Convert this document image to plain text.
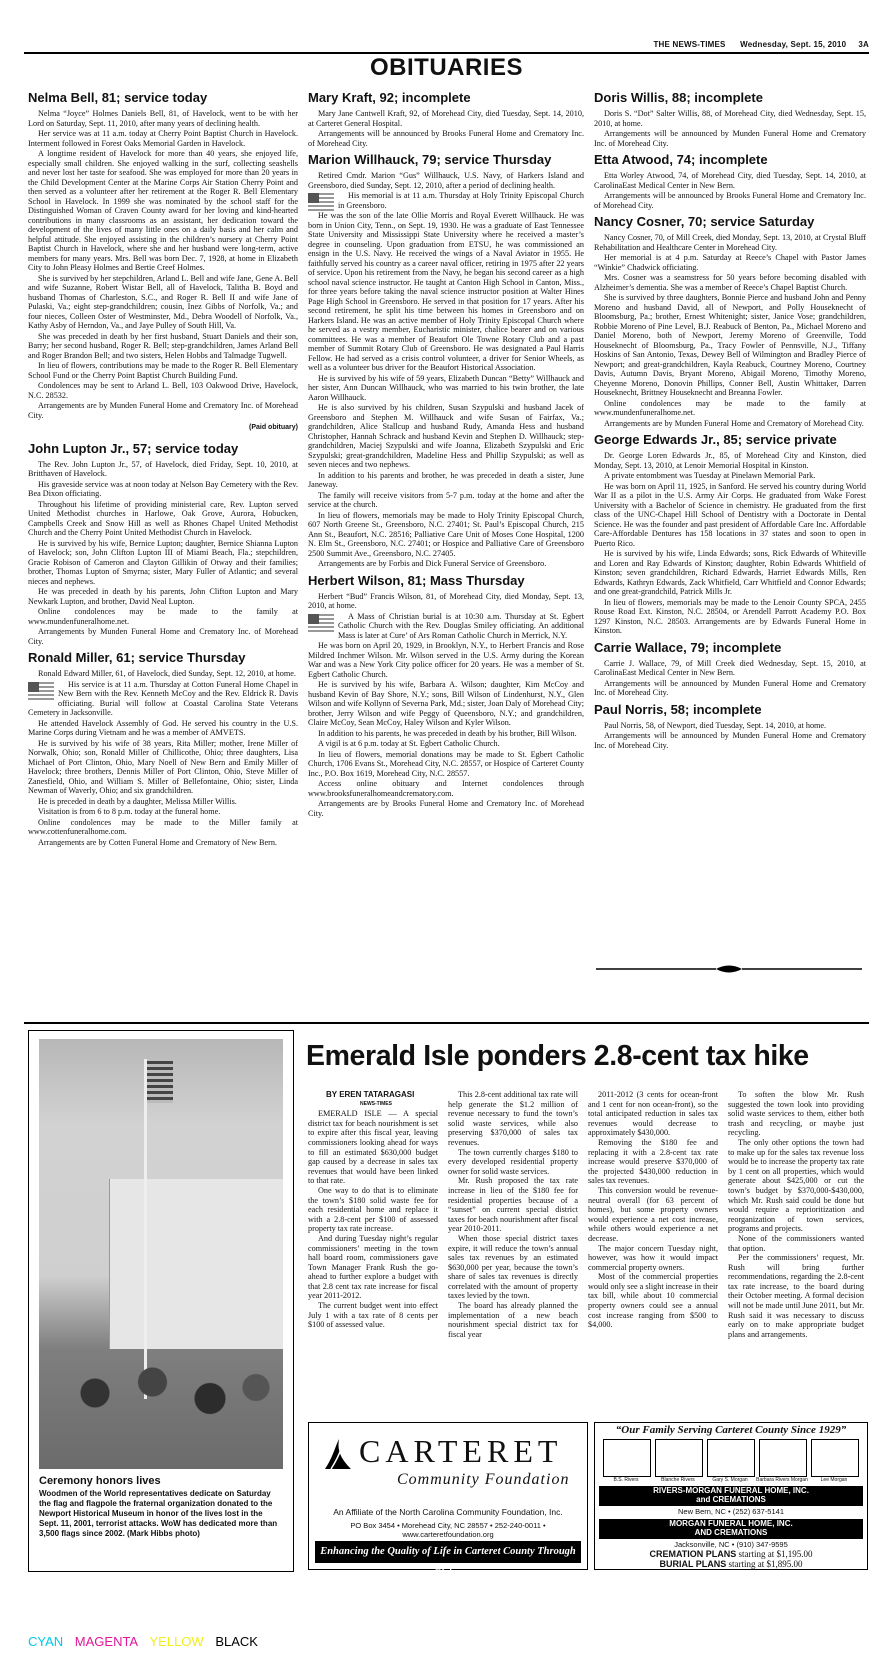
THE NEWS-TIMES Wednesday, Sept. 15, 2010 3A
OBITUARIES
Nelma Bell, 81; service today

Nelma “Joyce” Holmes Daniels Bell, 81, of Havelock, went to be with her Lord on Saturday, Sept. 11, 2010, after many years of declining health.

Her service was at 11 a.m. today at Cherry Point Baptist Church in Havelock. Interment followed in Forest Oaks Memorial Garden in Havelock.

A longtime resident of Havelock for more than 40 years, she enjoyed life, especially small children. She enjoyed walking in the surf, collecting seashells and never lost her taste for seafood. She was employed for more than 20 years in the Child Development Center at the Marine Corps Air Station Cherry Point and then served as a volunteer after her retirement at the Roger R. Bell Elementary School in Havelock. In 1999 she was nominated by the school staff for the Distinguished Woman of Craven County award for her loving and kind-hearted contributions in many classrooms as an assistant, her dedication toward the development of the lives of many little ones on a daily basis and her calm and helpful attitude. She enjoyed assisting in the children’s nursery at Cherry Point Baptist Church in Havelock, where she and her husband were long-term, active members for many years. Mrs. Bell was born Dec. 7, 1928, at home in Elizabeth City to John Pleasy Holmes and Bertie Creef Holmes.

She is survived by her stepchildren, Arland L. Bell and wife Jane, Gene A. Bell and wife Suzanne, Robert Wistar Bell, all of Havelock, Talitha B. Boyd and husband Thomas of Charleston, S.C., and Roger R. Bell II and wife Jane of Pulaski, Va.; eight step-grandchildren; cousin, Inez Gibbs of Norfolk, Va.; and four nieces, Colleen Oster of Westminster, Md., Debra Woodell of Norfolk, Va., Kathy Asby of Herndon, Va., and Jaye Pulley of South Hill, Va.

She was preceded in death by her first husband, Stuart Daniels and their son, Barry; her second husband, Roger R. Bell; step-grandchildren, James Arland Bell and Roger Brandon Bell; and two sisters, Helen Hobbs and Talmadge Tugwell.

In lieu of flowers, contributions may be made to the Roger R. Bell Elementary School Fund or the Cherry Point Baptist Church Building Fund.

Condolences may be sent to Arland L. Bell, 103 Oakwood Drive, Havelock, N.C. 28532.

Arrangements are by Munden Funeral Home and Crematory Inc. of Morehead City.

(Paid obituary)
John Lupton Jr., 57; service today

The Rev. John Lupton Jr., 57, of Havelock, died Friday, Sept. 10, 2010, at Britthaven of Havelock.

His graveside service was at noon today at Nelson Bay Cemetery with the Rev. Bea Dixon officiating.

Throughout his lifetime of providing ministerial care, Rev. Lupton served United Methodist churches in Harlowe, Oak Grove, Aurora, Hobucken, Campbells Creek and Snow Hill as well as Rhones Chapel United Methodist Church and the Cherry Point United Methodist Church in Havelock.

He is survived by his wife, Bernice Lupton; daughter, Bernice Shianna Lupton of Havelock; son, John Clifton Lupton III of Miami Beach, Fla.; stepchildren, Gracie Robison of Cameron and Clayton Gillikin of Otway and their families; brother, Thomas Lupton of Smyrna; sister, Mary Fuller of Atlantic; and several nieces and nephews.

He was preceded in death by his parents, John Clifton Lupton and Mary Newkark Lupton, and brother, David Neal Lupton.

Online condolences may be made to the family at www.mundenfuneralhome.net.

Arrangements by Munden Funeral Home and Crematory Inc. of Morehead City.

Ronald Miller, 61; service Thursday

Ronald Edward Miller, 61, of Havelock, died Sunday, Sept. 12, 2010, at home.

His service is at 11 a.m. Thursday at Cotton Funeral Home Chapel in New Bern with the Rev. Kenneth McCoy and the Rev. Eldrick R. Davis officiating. Burial will follow at Coastal Carolina State Veterans Cemetery in Jacksonville.

He attended Havelock Assembly of God. He served his country in the U.S. Marine Corps during Vietnam and he was a member of AMVETS.

He is survived by his wife of 38 years, Rita Miller; mother, Irene Miller of Norwalk, Ohio; son, Ronald Miller of Chillicothe, Ohio; three daughters, Lisa Michael of Port Clinton, Ohio, Mary Noell of New Bern and Emily Miller of Havelock; three brothers, Dennis Miller of Port Clinton, Ohio, Steve Miller of Zanesfield, Ohio, and William S. Miller of Bellefontaine, Ohio; sister, Linda Newman of Waverly, Ohio; and six grandchildren.

He is preceded in death by a daughter, Melissa Miller Willis.

Visitation is from 6 to 8 p.m. today at the funeral home.

Online condolences may be made to the Miller family at www.cottenfuneralhome.com.

Arrangements are by Cotten Funeral Home and Crematory of New Bern.

Mary Kraft, 92; incomplete

Mary Jane Cantwell Kraft, 92, of Morehead City, died Tuesday, Sept. 14, 2010, at Carteret General Hospital.

Arrangements will be announced by Brooks Funeral Home and Crematory Inc. of Morehead City.

Marion Willhauck, 79; service Thursday

Retired Cmdr. Marion “Gus” Willhauck, U.S. Navy, of Harkers Island and Greensboro, died Sunday, Sept. 12, 2010, after a period of declining health.

His memorial is at 11 a.m. Thursday at Holy Trinity Episcopal Church in Greensboro.

He was the son of the late Ollie Morris and Royal Everett Willhauck. He was born in Union City, Tenn., on Sept. 19, 1930. He was a graduate of East Tennessee State University and Mississippi State University where he received a master’s degree in counseling. Upon graduation from ETSU, he was commissioned an ensign in the U.S. Navy. He received the wings of a Naval Aviator in 1955. He faithfully served his country as a career naval officer, retiring in 1975 after 22 years of service. Upon his retirement from the Navy, he began his second career as a high school naval science instructor. He taught at Canton High School in Canton, Miss., for three years before taking the naval science instructor position at Walter Hines Page High School in Greensboro. He served in that position for 17 years. After his second retirement, he split his time between his homes in Greensboro and on Harkers Island. He was an active member of Holy Trinity Episcopal Church where he served as a vestry member, Eucharistic minister, chalice bearer and on various committees. He was a member of Beaufort Ole Towne Rotary Club and a past member of Summit Rotary Club of Greensboro. He was designated a Paul Harris Fellow. He had served as a crisis control volunteer, a driver for Senior Wheels, as well as a volunteer bus driver for the Beaufort Historical Association.

He is survived by his wife of 59 years, Elizabeth Duncan “Betty” Willhauck and her sister, Ann Duncan Willhauck, who was married to his twin brother, the late Aaron Willhauck.

He is also survived by his children, Susan Szypulski and husband Jacek of Greensboro and Stephen M. Willhauck and wife Susan of Fairfax, Va.; grandchildren, Alice Stallcup and husband Rudy, Amanda Hess and husband Christopher, Hannah Schrack and husband Kevin and Stephen D. Willhauck; step-grandchildren, Maciej Szypulski and wife Joanna, Elizabeth Szypulski and Eric Szypulski; great-grandchildren, Madeline Hess and Phillip Szypulski; as well as seven nieces and two nephews.

In addition to his parents and brother, he was preceded in death a sister, June Janeway.

The family will receive visitors from 5-7 p.m. today at the home and after the service at the church.

In lieu of flowers, memorials may be made to Holy Trinity Episcopal Church, 607 North Greene St., Greensboro, N.C. 27401; St. Paul’s Episcopal Church, 215 Ann St., Beaufort, N.C. 28516; Palliative Care Unit of Moses Cone Hospital, 1200 N. Elm St., Greensboro, N.C. 27401; or Hospice and Palliative Care of Greensboro 2500 Summit Ave., Greensboro, N.C. 27405.

Arrangements are by Forbis and Dick Funeral Service of Greensboro.

Herbert Wilson, 81; Mass Thursday

Herbert “Bud” Francis Wilson, 81, of Morehead City, died Monday, Sept. 13, 2010, at home.

A Mass of Christian burial is at 10:30 a.m. Thursday at St. Egbert Catholic Church with the Rev. Douglas Smiley officiating. An additional Mass is later at Cure’ of Ars Roman Catholic Church in Merrick, N.Y.

He was born on April 20, 1929, in Brooklyn, N.Y., to Herbert Francis and Rose Mildred Inchmer Wilson. Mr. Wilson served in the U.S. Army during the Korean War and was a New York City police officer for 20 years. He was a member of St. Egbert Catholic Church.

He is survived by his wife, Barbara A. Wilson; daughter, Kim McCoy and husband Kevin of Bay Shore, N.Y.; sons, Bill Wilson of Lindenhurst, N.Y., Glen Wilson and wife Kollynn of Severna Park, Md.; sister, Joan Daly of Morehead City; brother, Jerry Wilson and wife Peggy of Queensboro, N.Y.; and grandchildren, Claire McCoy, Sean McCoy, Haley Wilson and Kyler Wilson.

In addition to his parents, he was preceded in death by his brother, Bill Wilson.

A vigil is at 6 p.m. today at St. Egbert Catholic Church.

In lieu of flowers, memorial donations may be made to St. Egbert Catholic Church, 1706 Evans St., Morehead City, N.C. 28557, or Hospice of Carteret County Inc., P.O. Box 1619, Morehead City, N.C. 28557.

Access online obituary and Internet condolences through www.brooksfuneralhomeandcrematory.com.

Arrangements are by Brooks Funeral Home and Crematory Inc. of Morehead City.

Doris Willis, 88; incomplete

Doris S. “Dot” Salter Willis, 88, of Morehead City, died Wednesday, Sept. 15, 2010, at home.

Arrangements will be announced by Munden Funeral Home and Crematory Inc. of Morehead City.

Etta Atwood, 74; incomplete

Etta Worley Atwood, 74, of Morehead City, died Tuesday, Sept. 14, 2010, at CarolinaEast Medical Center in New Bern.

Arrangements will be announced by Brooks Funeral Home and Crematory Inc. of Morehead City.

Nancy Cosner, 70; service Saturday

Nancy Cosner, 70, of Mill Creek, died Monday, Sept. 13, 2010, at Crystal Bluff Rehabilitation and Healthcare Center in Morehead City.

Her memorial is at 4 p.m. Saturday at Reece’s Chapel with Pastor James “Winkie” Chadwick officiating.

Mrs. Cosner was a seamstress for 50 years before becoming disabled with Alzheimer’s dementia. She was a member of Reece’s Chapel Baptist Church.

She is survived by three daughters, Bonnie Pierce and husband John and Penny Moreno and husband David, all of Newport, and Polly Houseknecht of Bloomsburg, Pa.; brother, Ernest Whitenight; sister, Janice Vose; grandchildren, Robbie Moreno of Pine Level, B.J. Reabuck of Benton, Pa., Michael Moreno and Daniel Moreno, both of Newport, Jeremy Moreno of Greenville, Todd Houseknecht of Bloomsburg, Pa., Tracy Fowler of Pennsville, N.J., Tiffany Hoskins of San Antonio, Texas, Dewey Bell of Wilmington and Bradley Pierce of Newport; and great-grandchildren, Kayla Reabuck, Courtney Moreno, Courtney Davis, Autumn Davis, Bryant Moreno, Abigail Moreno, Timothy Moreno, Cheyenne Moreno, Donovin Phillips, Conner Bell, Austin Whittaker, Darren Houseknecht, Brittney Houseknecht and Breanna Fowler.

Online condolences may be made to the family at www.mundenfuneralhome.net.

Arrangements are by Munden Funeral Home and Crematory of Morehead City.

George Edwards Jr., 85; service private

Dr. George Loren Edwards Jr., 85, of Morehead City and Kinston, died Monday, Sept. 13, 2010, at Lenoir Memorial Hospital in Kinston.

A private entombment was Tuesday at Pinelawn Memorial Park.

He was born on April 11, 1925, in Sanford. He served his country during World War II as a pilot in the U.S. Army Air Corps. He graduated from Wake Forest University with a Bachelor of Science in chemistry. He graduated from the first class of the UNC-Chapel Hill School of Dentistry with a Doctorate in Dental Science. He was the founder and past president of Affordable Care Inc. Affordable Care-Affordable Dentures has 158 locations in 37 states and soon to open in Puerto Rico.

He is survived by his wife, Linda Edwards; sons, Rick Edwards of Whiteville and Loren and Ray Edwards of Kinston; daughter, Robin Edwards Whitfield of Kinston; seven grandchildren, Richard Edwards, Harriet Edwards Mills, Ren Edwards, Kathryn Edwards, Zack Whitfield, Carr Whitfield and Connor Edwards; and one great-grandchild, Patrick Mills Jr.

In lieu of flowers, memorials may be made to the Lenoir County SPCA, 2455 Rouse Road Ext. Kinston, N.C. 28504, or Arendell Parrott Academy P.O. Box 1297 Kinston, N.C. 28503. Arrangements are by Edwards Funeral Home in Kinston.

Carrie Wallace, 79; incomplete

Carrie J. Wallace, 79, of Mill Creek died Wednesday, Sept. 15, 2010, at CarolinaEast Medical Center in New Bern.

Arrangements will be announced by Munden Funeral Home and Crematory Inc. of Morehead City.

Paul Norris, 58; incomplete

Paul Norris, 58, of Newport, died Tuesday, Sept. 14, 2010, at home.

Arrangements will be announced by Munden Funeral Home and Crematory Inc. of Morehead City.

Ceremony honors lives
Woodmen of the World representatives dedicate on Saturday the flag and flagpole the fraternal organization donated to the Newport Historical Museum in honor of the lives lost in the Sept. 11, 2001, terrorist attacks. WoW has dedicated more than 3,500 flags since 2002. (Mark Hibbs photo)
Emerald Isle ponders 2.8-cent tax hike

BY EREN TATARAGASI

NEWS-TIMES

EMERALD ISLE — A special district tax for beach nourishment is set to expire after this fiscal year, leaving commissioners looking ahead for ways to fill an estimated $630,000 budget gap caused by a decrease in sales tax revenues that would have been linked to that rate.

One way to do that is to eliminate the town’s $180 solid waste fee for each residential home and replace it with a 2.8-cent per $100 of assessed property tax rate increase.

And during Tuesday night’s regular commissioners’ meeting in the town hall board room, commissioners gave Town Manager Frank Rush the go-ahead to further explore a budget with that 2.8 cent tax rate increase for fiscal year 2011-2012.

The current budget went into effect July 1 with a tax rate of 8 cents per $100 of assessed value.

This 2.8-cent additional tax rate will help generate the $1.2 million of revenue necessary to fund the town’s solid waste services, while also preserving $370,000 of sales tax revenues.

The town currently charges $180 to every developed residential property owner for solid waste services.

Mr. Rush proposed the tax rate increase in lieu of the $180 fee for residential properties because of a “sunset” on current special district taxes for beach nourishment after fiscal year 2010-2011.

When those special district taxes expire, it will reduce the town’s annual sales tax revenues by an estimated $630,000 per year, because the town’s share of sales tax revenues is directly correlated with the amount of property taxes levied by the town.

The board has already planned the implementation of a new beach nourishment special district tax for fiscal year

2011-2012 (3 cents for ocean-front and 1 cent for non ocean-front), so the total anticipated reduction in sales tax revenues would decrease to approximately $430,000.

Removing the $180 fee and replacing it with a 2.8-cent tax rate increase would preserve $370,000 of the projected $430,000 reduction in sales tax revenues.

This conversion would be revenue-neutral overall (for 63 percent of homes), but some property owners would experience a net cost increase, while others would experience a net decrease.

The major concern Tuesday night, however, was how it would impact commercial property owners.

Most of the commercial properties would only see a slight increase in their tax bill, while about 10 commercial property owners could see a annual cost increase ranging from $500 to $4,000.

To soften the blow Mr. Rush suggested the town look into providing solid waste services to them, either both trash and recycling, or maybe just recycling.

The only other options the town had to make up for the sales tax revenue loss would be to increase the property tax rate by 1 cent on all properties, which would generate about $425,000 or cut the town’s budget by $370,000-$430,000, which Mr. Rush said could be done but would require a reprioritization and reorganization of town services, programs and projects.

None of the commissioners wanted that option.

Per the commissioners’ request, Mr. Rush will bring further recommendations, regarding the 2.8-cent tax rate increase, to the board during their October meeting. A formal decision will not be made until June 2011, but Mr. Rush said it was necessary to discuss early on to make appropriate budget plans and arrangements.

CARTERET
Community Foundation
An Affiliate of the North Carolina Community Foundation, Inc.
PO Box 3454 • Morehead City, NC 28557 • 252-240-0011 • www.carteretfoundation.org
Enhancing the Quality of Life in Carteret County Through Giving
“Our Family Serving Carteret County Since 1929”
B.S. Rivers	Blanche Rivers	Gary S. Morgan	Barbara Rivers Morgan	Lee Morgan
RIVERS-MORGAN FUNERAL HOME, INC.
and CREMATIONS
New Bern, NC • (252) 637-5141
MORGAN FUNERAL HOME, INC.
AND CREMATIONS
Jacksonville, NC • (910) 347-9595
CREMATION PLANS starting at $1,195.00
BURIAL PLANS starting at $1,895.00
CYAN MAGENTA YELLOW BLACK
